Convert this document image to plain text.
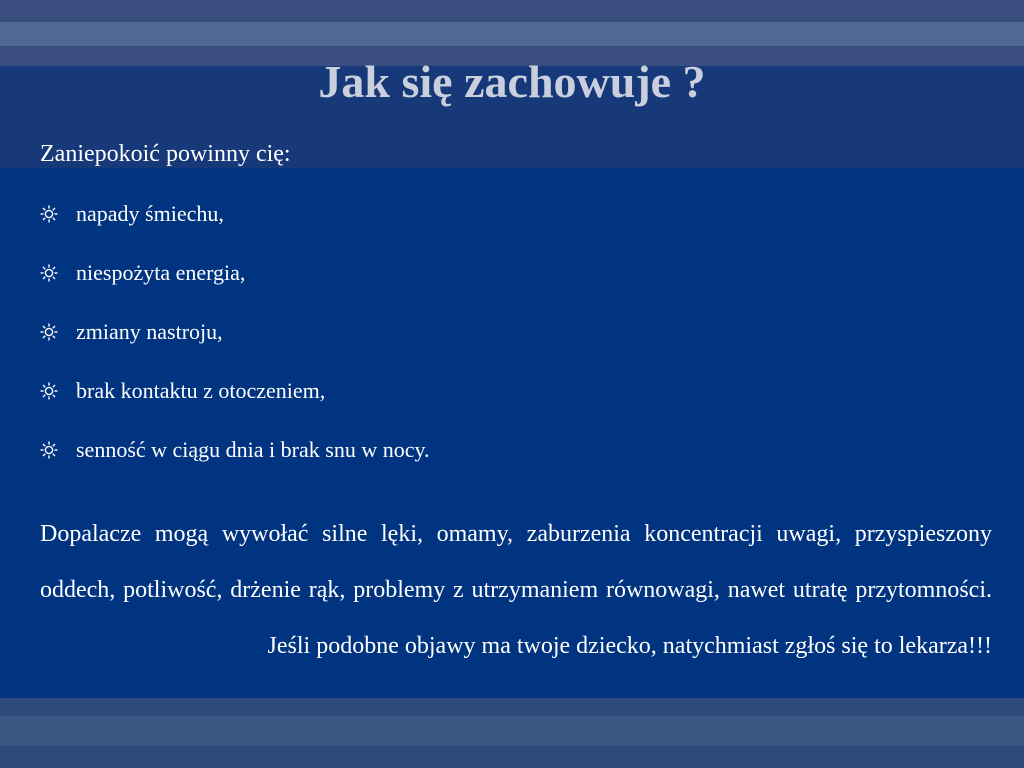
Jak się zachowuje ?
Zaniepokoić powinny cię:
napady śmiechu,
niespożyta energia,
zmiany nastroju,
brak kontaktu z otoczeniem,
senność w ciągu dnia i brak snu w nocy.
Dopalacze mogą wywołać silne lęki, omamy, zaburzenia koncentracji uwagi, przyspieszony oddech, potliwość, drżenie rąk, problemy z utrzymaniem równowagi, nawet utratę przytomności. Jeśli podobne objawy ma twoje dziecko, natychmiast zgłoś się to lekarza!!!
